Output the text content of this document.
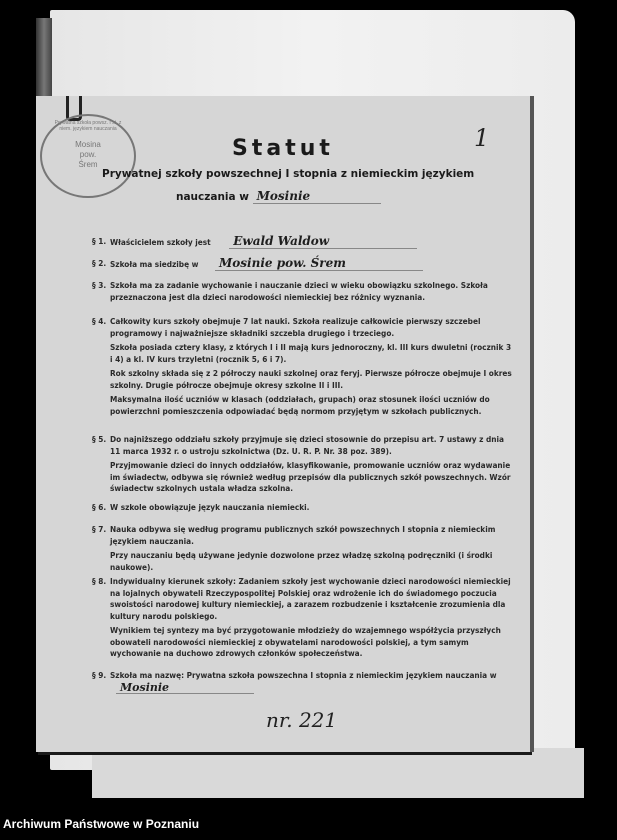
Prywatna szkoła powsz. I st. z niem. językiem nauczania
Mosina
pow.
Śrem
1
Statut
Prywatnej szkoły powszechnej I stopnia z niemieckim językiem
nauczania w Mosinie
§ 1. Właścicielem szkoły jest Ewald Waldow
§ 2. Szkoła ma siedzibę w Mosinie pow. Śrem
§ 3. Szkoła ma za zadanie wychowanie i nauczanie dzieci w wieku obowiązku szkolnego. Szkoła przeznaczona jest dla dzieci narodowości niemieckiej bez różnicy wyznania.

§ 4. Całkowity kurs szkoły obejmuje 7 lat nauki. Szkoła realizuje całkowicie pierwszy szczebel programowy i najważniejsze składniki szczebla drugiego i trzeciego.

Szkoła posiada cztery klasy, z których I i II mają kurs jednoroczny, kl. III kurs dwuletni (rocznik 3 i 4) a kl. IV kurs trzyletni (rocznik 5, 6 i 7).

Rok szkolny składa się z 2 półroczy nauki szkolnej oraz feryj. Pierwsze półrocze obejmuje I okres szkolny. Drugie półrocze obejmuje okresy szkolne II i III.

Maksymalna ilość uczniów w klasach (oddziałach, grupach) oraz stosunek ilości uczniów do powierzchni pomieszczenia odpowiadać będą normom przyjętym w szkołach publicznych.

§ 5. Do najniższego oddziału szkoły przyjmuje się dzieci stosownie do przepisu art. 7 ustawy z dnia 11 marca 1932 r. o ustroju szkolnictwa (Dz. U. R. P. Nr. 38 poz. 389).

Przyjmowanie dzieci do innych oddziałów, klasyfikowanie, promowanie uczniów oraz wydawanie im świadectw, odbywa się również według przepisów dla publicznych szkół powszechnych. Wzór świadectw szkolnych ustala władza szkolna.

§ 6. W szkole obowiązuje język nauczania niemiecki.

§ 7. Nauka odbywa się według programu publicznych szkół powszechnych I stopnia z niemieckim językiem nauczania.

Przy nauczaniu będą używane jedynie dozwolone przez władzę szkolną podręczniki (i środki naukowe).

§ 8. Indywidualny kierunek szkoły: Zadaniem szkoły jest wychowanie dzieci narodowości niemieckiej na lojalnych obywateli Rzeczypospolitej Polskiej oraz wdrożenie ich do świadomego poczucia swoistości narodowej kultury niemieckiej, a zarazem rozbudzenie i kształcenie zrozumienia dla kultury narodu polskiego.

Wynikiem tej syntezy ma być przygotowanie młodzieży do wzajemnego współżycia przyszłych obowateli narodowości niemieckiej z obywatelami narodowości polskiej, a tym samym wychowanie na duchowo zdrowych członków społeczeństwa.

§ 9. Szkoła ma nazwę: Prywatna szkoła powszechna I stopnia z niemieckim językiem nauczania w Mosinie
nr. 221
Archiwum Państwowe w Poznaniu
